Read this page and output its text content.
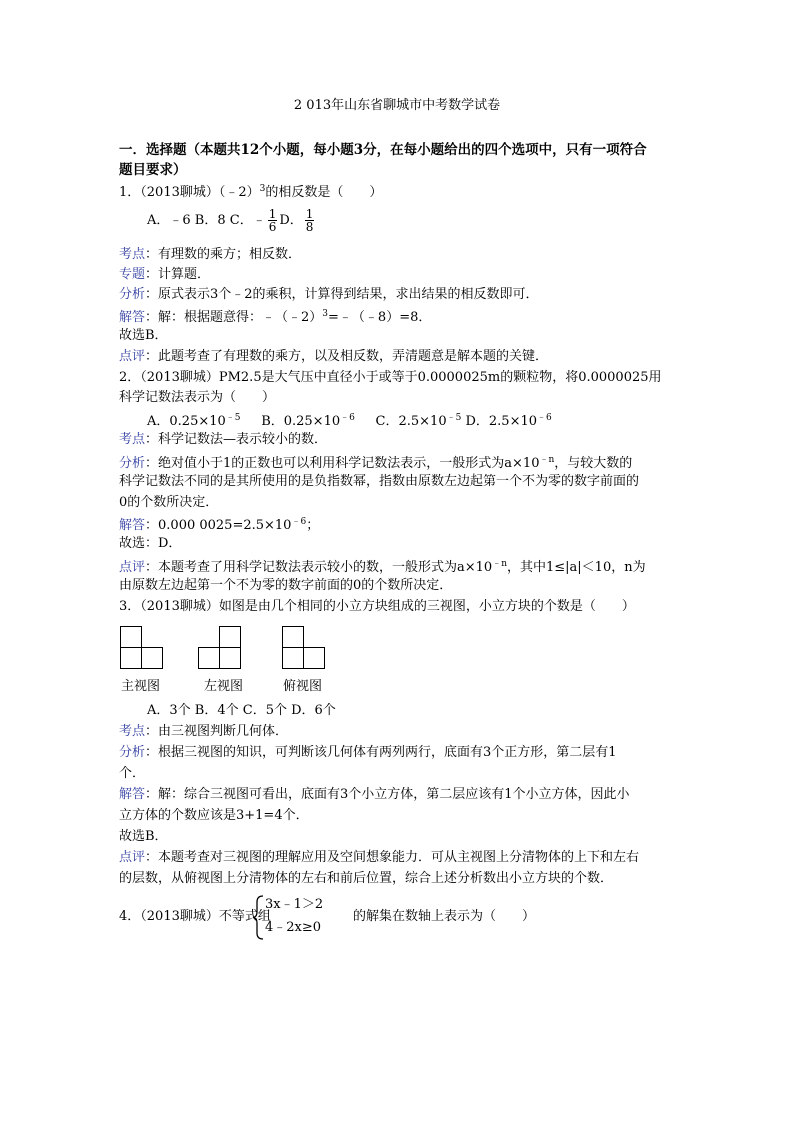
2 013年山东省聊城市中考数学试卷
一．选择题（本题共12个小题，每小题3分，在每小题给出的四个选项中，只有一项符合
题目要求）
1．（2013聊城）（﹣2）$^3$的相反数是（　　）
A．﹣6 B．8 C．﹣ $\frac{1}{6}$ D． $\frac{1}{8}$
考点：有理数的乘方；相反数．
专题：计算题．
分析：原式表示3个﹣2的乘积，计算得到结果，求出结果的相反数即可．
解答：解：根据题意得：﹣（﹣2）$^3$=﹣（﹣8）=8．
故选B．
点评：此题考查了有理数的乘方，以及相反数，弄清题意是解本题的关键．
2．（2013聊城）PM2.5是大气压中直径小于或等于0.0000025m的颗粒物，将0.0000025用
科学记数法表示为（　　）
A．$0.25\times 10^{﹣5}$ B．$0.25\times 10^{﹣6}$ C．$2.5\times 10^{﹣5}$ D．$2.5\times 10^{﹣6}$
考点：科学记数法—表示较小的数．
分析：绝对值小于1的正数也可以利用科学记数法表示，一般形式为$a\times 10^{﹣n}$，与较大数的
科学记数法不同的是其所使用的是负指数幂，指数由原数左边起第一个不为零的数字前面的
0的个数所决定．
解答：0.000 $0025=2.5\times 10^{﹣6}$；
故选：D．
点评：本题考查了用科学记数法表示较小的数，一般形式为$a\times 10^{﹣n}$，其中1≤|a|＜10，n为
由原数左边起第一个不为零的数字前面的0的个数所决定．
3．（2013聊城）如图是由几个相同的小立方块组成的三视图，小立方块的个数是（　　）
主视图	左视图	俯视图
A．3个 B．4个 C．5个 D．6个
考点：由三视图判断几何体．
分析：根据三视图的知识，可判断该几何体有两列两行，底面有3个正方形，第二层有1
个．
解答：解：综合三视图可看出，底面有3个小立方体，第二层应该有1个小立方体，因此小
立方体的个数应该是3+1=4个．
故选B．
点评：本题考查对三视图的理解应用及空间想象能力．可从主视图上分清物体的上下和左右
的层数，从俯视图上分清物体的左右和前后位置，综合上述分析数出小立方块的个数．
4．（2013聊城）不等式组
3x﹣1＞2
4﹣2x≥0
的解集在数轴上表示为（　　）
